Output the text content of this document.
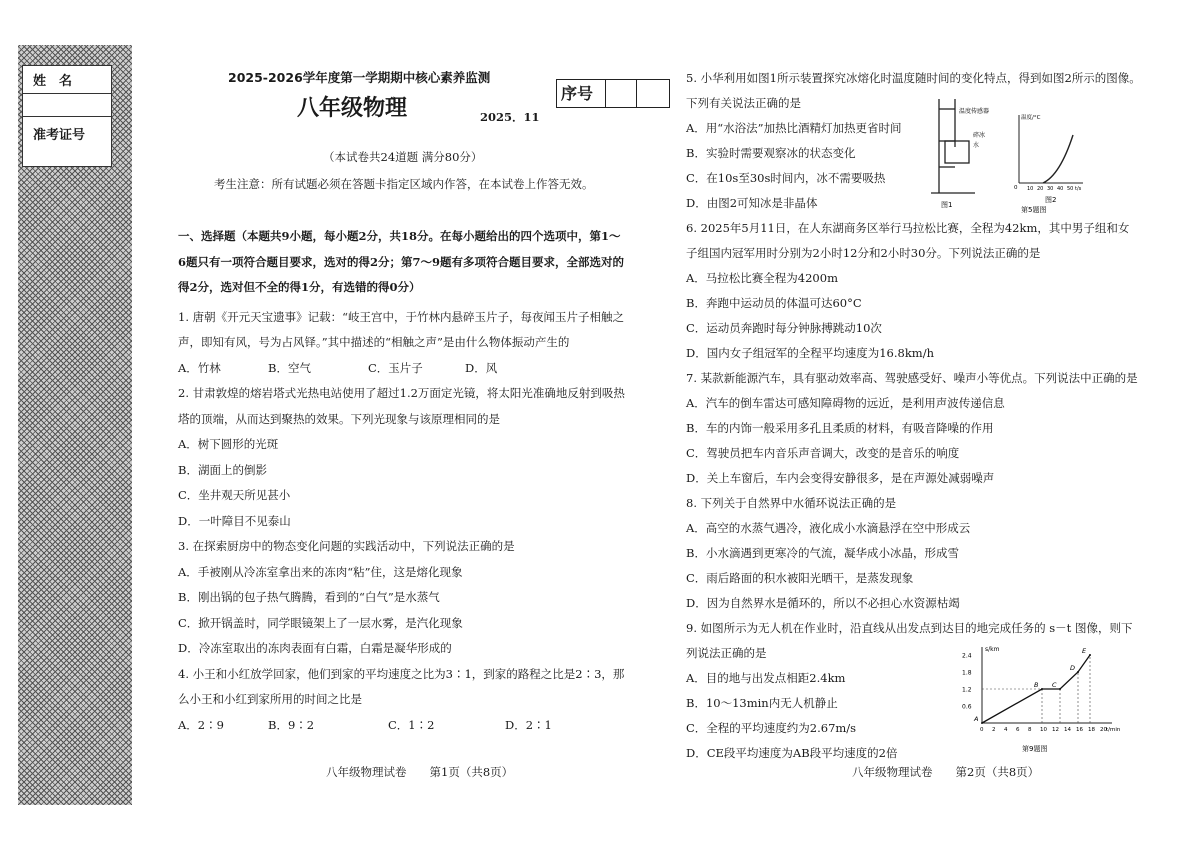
姓　名
准考证号
2025-2026学年度第一学期期中核心素养监测
八年级物理	2025．11
序号
（本试卷共24道题 满分80分）
考生注意：所有试题必须在答题卡指定区域内作答，在本试卷上作答无效。
一、选择题（本题共9小题，每小题2分，共18分。在每小题给出的四个选项中，第1～
6题只有一项符合题目要求，选对的得2分；第7～9题有多项符合题目要求，全部选对的
得2分，选对但不全的得1分，有选错的得0分）
1. 唐朝《开元天宝遗事》记载：“岐王宫中，于竹林内悬碎玉片子，每夜闻玉片子相触之
声，即知有风，号为占风铎。”其中描述的“相触之声”是由什么物体振动产生的
A．竹林	B．空气	C．玉片子	D．风
2. 甘肃敦煌的熔岩塔式光热电站使用了超过1.2万面定光镜，将太阳光准确地反射到吸热
塔的顶端，从而达到聚热的效果。下列光现象与该原理相同的是
A．树下圆形的光斑
B．湖面上的倒影
C．坐井观天所见甚小
D．一叶障目不见泰山
3. 在探索厨房中的物态变化问题的实践活动中，下列说法正确的是
A．手被刚从冷冻室拿出来的冻肉“粘”住，这是熔化现象
B．刚出锅的包子热气腾腾，看到的“白气”是水蒸气
C．掀开锅盖时，同学眼镜架上了一层水雾，是汽化现象
D．冷冻室取出的冻肉表面有白霜，白霜是凝华形成的
4. 小王和小红放学回家，他们到家的平均速度之比为3∶1，到家的路程之比是2∶3，那
么小王和小红到家所用的时间之比是
A．2∶9	B．9∶2	C．1∶2	D．2∶1
5. 小华利用如图1所示装置探究冰熔化时温度随时间的变化特点，得到如图2所示的图像。
下列有关说法正确的是
A．用“水浴法”加热比酒精灯加热更省时间
B．实验时需要观察冰的状态变化
C．在10s至30s时间内，冰不需要吸热
D．由图2可知冰是非晶体
6. 2025年5月11日，在人东湖商务区举行马拉松比赛，全程为42km，其中男子组和女
子组国内冠军用时分别为2小时12分和2小时30分。下列说法正确的是
A．马拉松比赛全程为4200m
B．奔跑中运动员的体温可达60°C
C．运动员奔跑时每分钟脉搏跳动10次
D．国内女子组冠军的全程平均速度为16.8km/h
7. 某款新能源汽车，具有驱动效率高、驾驶感受好、噪声小等优点。下列说法中正确的是
A．汽车的倒车雷达可感知障碍物的远近，是利用声波传递信息
B．车的内饰一般采用多孔且柔质的材料，有吸音降噪的作用
C．驾驶员把车内音乐声音调大，改变的是音乐的响度
D．关上车窗后，车内会变得安静很多，是在声源处减弱噪声
8. 下列关于自然界中水循环说法正确的是
A．高空的水蒸气遇冷，液化成小水滴悬浮在空中形成云
B．小水滴遇到更寒冷的气流，凝华成小冰晶，形成雪
C．雨后路面的积水被阳光晒干，是蒸发现象
D．因为自然界水是循环的，所以不必担心水资源枯竭
9. 如图所示为无人机在作业时，沿直线从出发点到达目的地完成任务的 s－t 图像，则下
列说法正确的是
A．目的地与出发点相距2.4km
B．10～13min内无人机静止
C．全程的平均速度约为2.67m/s
D．CE段平均速度为AB段平均速度的2倍
温度传感器
碎冰
水
图1
温度/°C
0 10 20 30 40 50 t/s
图2
第5题图
2.4
1.8
1.2
0.6
0 2 4 6 8 10 12 14 16 18 20
s/km
t/min
A
B C
D
E
第9题图
八年级物理试卷　　第1页（共8页）	八年级物理试卷　　第2页（共8页）
